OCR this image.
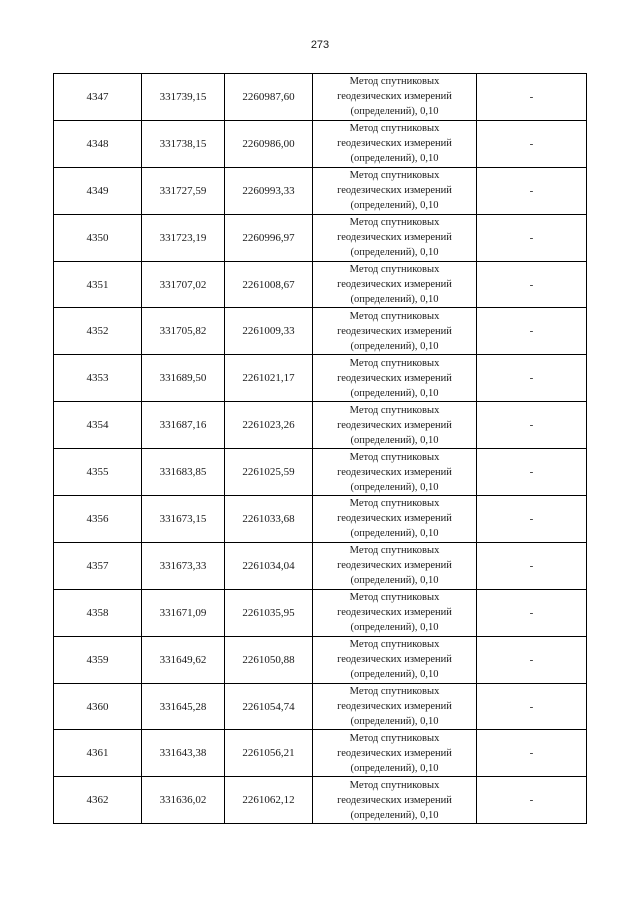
273
4347	331739,15	2260987,60	Метод спутниковых
геодезических измерений
(определений), 0,10	-
4348	331738,15	2260986,00	Метод спутниковых
геодезических измерений
(определений), 0,10	-
4349	331727,59	2260993,33	Метод спутниковых
геодезических измерений
(определений), 0,10	-
4350	331723,19	2260996,97	Метод спутниковых
геодезических измерений
(определений), 0,10	-
4351	331707,02	2261008,67	Метод спутниковых
геодезических измерений
(определений), 0,10	-
4352	331705,82	2261009,33	Метод спутниковых
геодезических измерений
(определений), 0,10	-
4353	331689,50	2261021,17	Метод спутниковых
геодезических измерений
(определений), 0,10	-
4354	331687,16	2261023,26	Метод спутниковых
геодезических измерений
(определений), 0,10	-
4355	331683,85	2261025,59	Метод спутниковых
геодезических измерений
(определений), 0,10	-
4356	331673,15	2261033,68	Метод спутниковых
геодезических измерений
(определений), 0,10	-
4357	331673,33	2261034,04	Метод спутниковых
геодезических измерений
(определений), 0,10	-
4358	331671,09	2261035,95	Метод спутниковых
геодезических измерений
(определений), 0,10	-
4359	331649,62	2261050,88	Метод спутниковых
геодезических измерений
(определений), 0,10	-
4360	331645,28	2261054,74	Метод спутниковых
геодезических измерений
(определений), 0,10	-
4361	331643,38	2261056,21	Метод спутниковых
геодезических измерений
(определений), 0,10	-
4362	331636,02	2261062,12	Метод спутниковых
геодезических измерений
(определений), 0,10	-
